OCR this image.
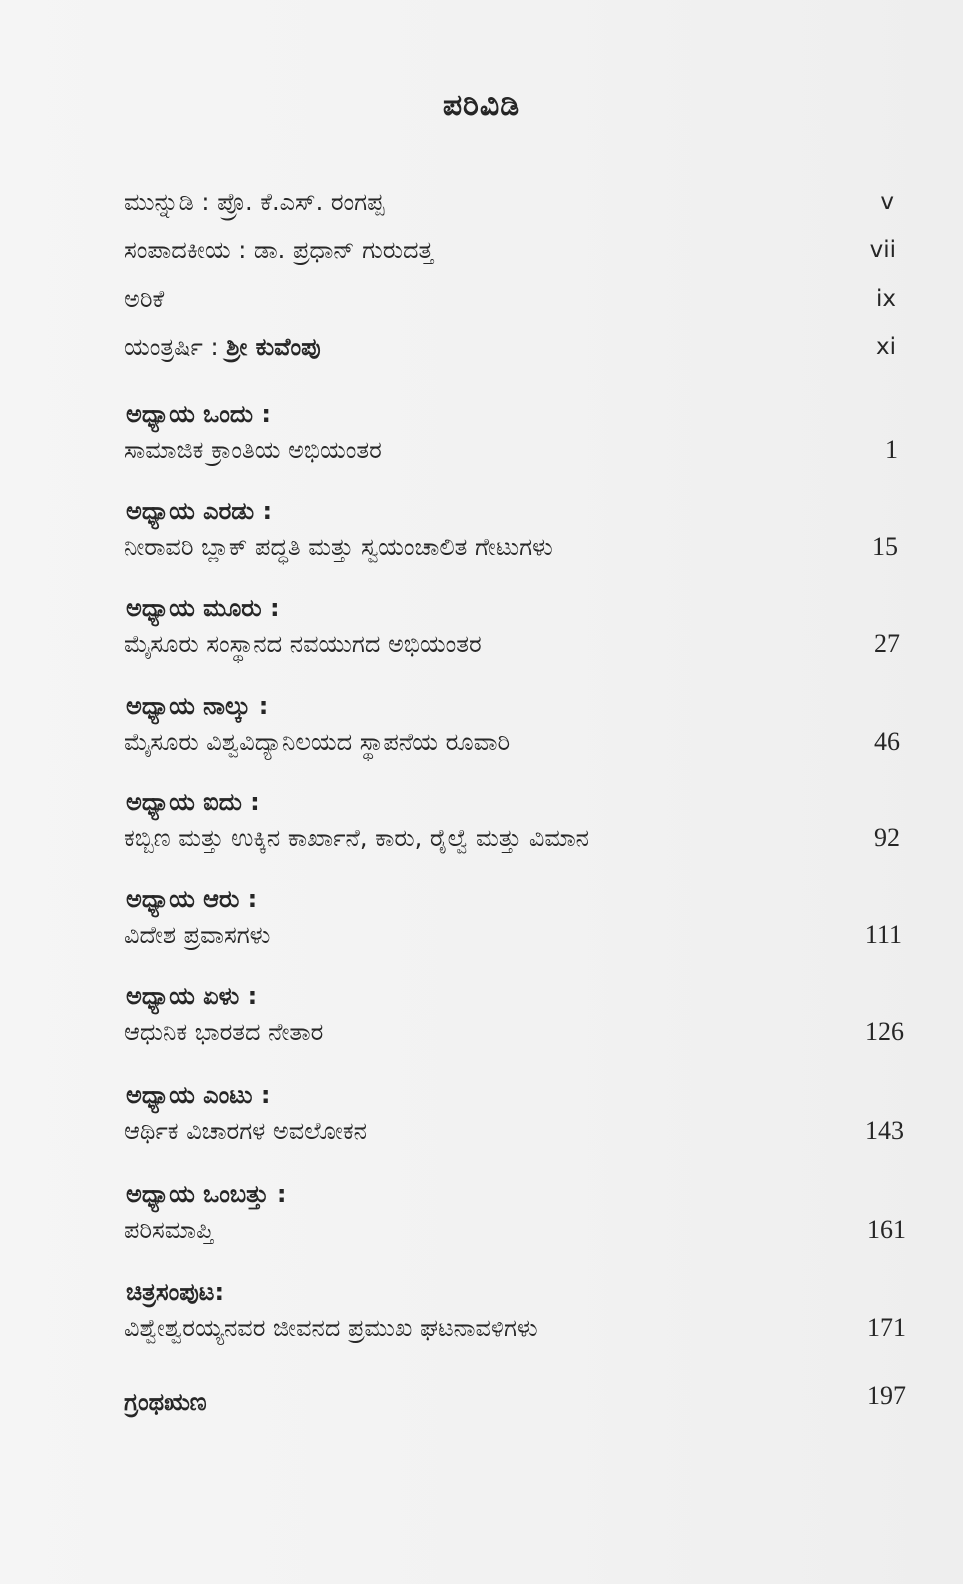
ಪರಿವಿಡಿ
ಮುನ್ನುಡಿ : ಪ್ರೊ. ಕೆ.ಎಸ್. ರಂಗಪ್ಪ	v
ಸಂಪಾದಕೀಯ : ಡಾ. ಪ್ರಧಾನ್ ಗುರುದತ್ತ	vii
ಅರಿಕೆ	ix
ಯಂತ್ರರ್ಷಿ : ಶ್ರೀ ಕುವೆಂಪು	xi
ಅಧ್ಯಾಯ ಒಂದು :
ಸಾಮಾಜಿಕ ಕ್ರಾಂತಿಯ ಅಭಿಯಂತರ	1
ಅಧ್ಯಾಯ ಎರಡು :
ನೀರಾವರಿ ಬ್ಲಾಕ್ ಪದ್ಧತಿ ಮತ್ತು ಸ್ವಯಂಚಾಲಿತ ಗೇಟುಗಳು	15
ಅಧ್ಯಾಯ ಮೂರು :
ಮೈಸೂರು ಸಂಸ್ಥಾನದ ನವಯುಗದ ಅಭಿಯಂತರ	27
ಅಧ್ಯಾಯ ನಾಲ್ಕು :
ಮೈಸೂರು ವಿಶ್ವವಿದ್ಯಾನಿಲಯದ ಸ್ಥಾಪನೆಯ ರೂವಾರಿ	46
ಅಧ್ಯಾಯ ಐದು :
ಕಬ್ಬಿಣ ಮತ್ತು ಉಕ್ಕಿನ ಕಾರ್ಖಾನೆ, ಕಾರು, ರೈಲ್ವೆ ಮತ್ತು ವಿಮಾನ	92
ಅಧ್ಯಾಯ ಆರು :
ವಿದೇಶ ಪ್ರವಾಸಗಳು	111
ಅಧ್ಯಾಯ ಏಳು :
ಆಧುನಿಕ ಭಾರತದ ನೇತಾರ	126
ಅಧ್ಯಾಯ ಎಂಟು :
ಆರ್ಥಿಕ ವಿಚಾರಗಳ ಅವಲೋಕನ	143
ಅಧ್ಯಾಯ ಒಂಬತ್ತು :
ಪರಿಸಮಾಪ್ತಿ	161
ಚಿತ್ರಸಂಪುಟ:
ವಿಶ್ವೇಶ್ವರಯ್ಯನವರ ಜೀವನದ ಪ್ರಮುಖ ಘಟನಾವಳಿಗಳು	171
ಗ್ರಂಥಋಣ	197
